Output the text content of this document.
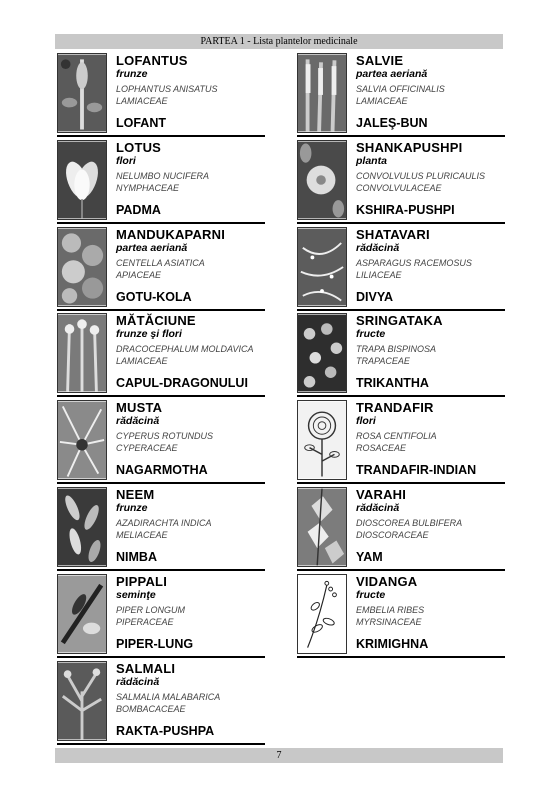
PARTEA 1 - Lista plantelor medicinale
LOFANTUS
frunze
LOPHANTUS ANISATUS
LAMIACEAE
LOFANT
LOTUS
flori
NELUMBO NUCIFERA
NYMPHACEAE
PADMA
MANDUKAPARNI
partea aeriană
CENTELLA ASIATICA
APIACEAE
GOTU-KOLA
MĂTĂCIUNE
frunze şi flori
DRACOCEPHALUM MOLDAVICA
LAMIACEAE
CAPUL-DRAGONULUI
MUSTA
rădăcină
CYPERUS ROTUNDUS
CYPERACEAE
NAGARMOTHA
NEEM
frunze
AZADIRACHTA INDICA
MELIACEAE
NIMBA
PIPPALI
seminţe
PIPER LONGUM
PIPERACEAE
PIPER-LUNG
SALMALI
rădăcină
SALMALIA MALABARICA
BOMBACACEAE
RAKTA-PUSHPA
SALVIE
partea aeriană
SALVIA OFFICINALIS
LAMIACEAE
JALEŞ-BUN
SHANKAPUSHPI
planta
CONVOLVULUS PLURICAULIS
CONVOLVULACEAE
KSHIRA-PUSHPI
SHATAVARI
rădăcină
ASPARAGUS RACEMOSUS
LILIACEAE
DIVYA
SRINGATAKA
fructe
TRAPA BISPINOSA
TRAPACEAE
TRIKANTHA
TRANDAFIR
flori
ROSA CENTIFOLIA
ROSACEAE
TRANDAFIR-INDIAN
VARAHI
rădăcină
DIOSCOREA BULBIFERA
DIOSCORACEAE
YAM
VIDANGA
fructe
EMBELIA RIBES
MYRSINACEAE
KRIMIGHNA
7
